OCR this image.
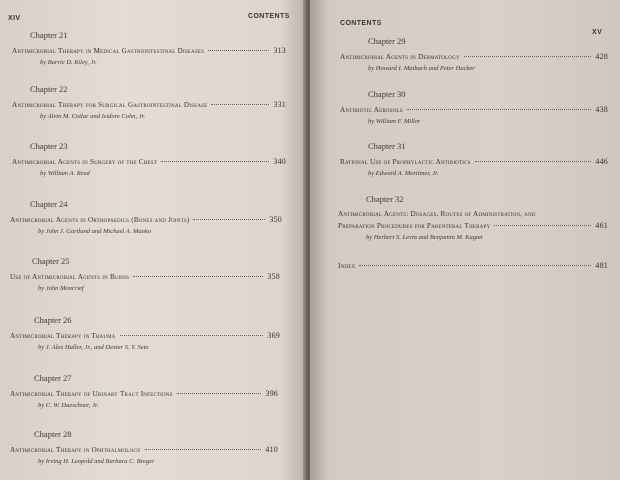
XIV	CONTENTS
Chapter 21
Antimicrobial Therapy in Medical Gastrointestinal Diseases	313
by Barrie D. Riley, Jr.
Chapter 22
Antimicrobial Therapy for Surgical Gastrointestinal Disease	331
by Alvin M. Cotlar and Isidore Cohn, Jr.
Chapter 23
Antimicrobial Agents in Surgery of the Chest	340
by William A. Reed
Chapter 24
Antimicrobial Agents in Orthopaedics (Bones and Joints)	350
by John J. Gartland and Michael A. Manko
Chapter 25
Use of Antimicrobial Agents in Burns	358
by John Moncrief
Chapter 26
Antimicrobial Therapy in Trauma	369
by J. Alex Haller, Jr., and Dexter S. Y. Seto
Chapter 27
Antimicrobial Therapy of Urinary Tract Infections	396
by C. W. Daeschner, Jr.
Chapter 28
Antimicrobial Therapy in Ophthalmology	410
by Irving H. Leopold and Barbara C. Breger
CONTENTS
XV
Chapter 29
Antimicrobial Agents in Dermatology	428
by Howard I. Maibach and Peter Hacker
Chapter 30
Antibiotic Aerosols	438
by William F. Miller
Chapter 31
Rational Use of Prophylactic Antibiotics	446
by Edward A. Mortimer, Jr.
Chapter 32
Antimicrobial Agents: Dosages, Routes of Administration, and
Preparation Procedures for Parenteral Therapy	461
by Herbert S. Levin and Benjamin M. Kagan
Index	481
